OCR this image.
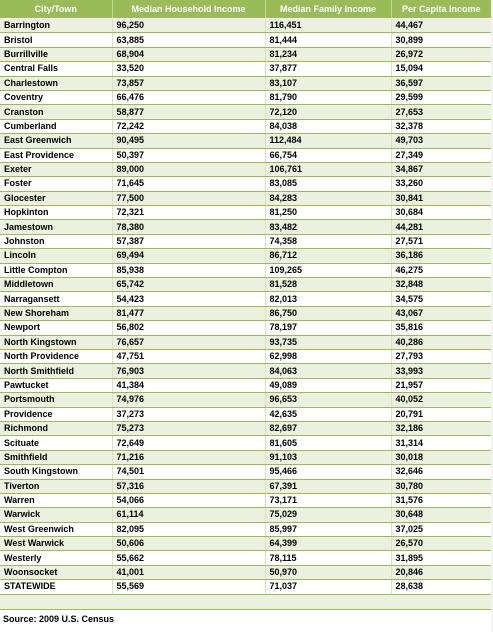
City/Town	Median Household Income	Median Family Income	Per Capita Income
Barrington	96,250	116,451	44,467
Bristol	63,885	81,444	30,899
Burrillville	68,904	81,234	26,972
Central Falls	33,520	37,877	15,094
Charlestown	73,857	83,107	36,597
Coventry	66,476	81,790	29,599
Cranston	58,877	72,120	27,653
Cumberland	72,242	84,038	32,378
East Greenwich	90,495	112,484	49,703
East Providence	50,397	66,754	27,349
Exeter	89,000	106,761	34,867
Foster	71,645	83,085	33,260
Glocester	77,500	84,283	30,841
Hopkinton	72,321	81,250	30,684
Jamestown	78,380	83,482	44,281
Johnston	57,387	74,358	27,571
Lincoln	69,494	86,712	36,186
Little Compton	85,938	109,265	46,275
Middletown	65,742	81,528	32,848
Narragansett	54,423	82,013	34,575
New Shoreham	81,477	86,750	43,067
Newport	56,802	78,197	35,816
North Kingstown	76,657	93,735	40,286
North Providence	47,751	62,998	27,793
North Smithfield	76,903	84,063	33,993
Pawtucket	41,384	49,089	21,957
Portsmouth	74,976	96,653	40,052
Providence	37,273	42,635	20,791
Richmond	75,273	82,697	32,186
Scituate	72,649	81,605	31,314
Smithfield	71,216	91,103	30,018
South Kingstown	74,501	95,466	32,646
Tiverton	57,316	67,391	30,780
Warren	54,066	73,171	31,576
Warwick	61,114	75,029	30,648
West Greenwich	82,095	85,997	37,025
West Warwick	50,606	64,399	26,570
Westerly	55,662	78,115	31,895
Woonsocket	41,001	50,970	20,846
STATEWIDE	55,569	71,037	28,638
Source: 2009 U.S. Census
